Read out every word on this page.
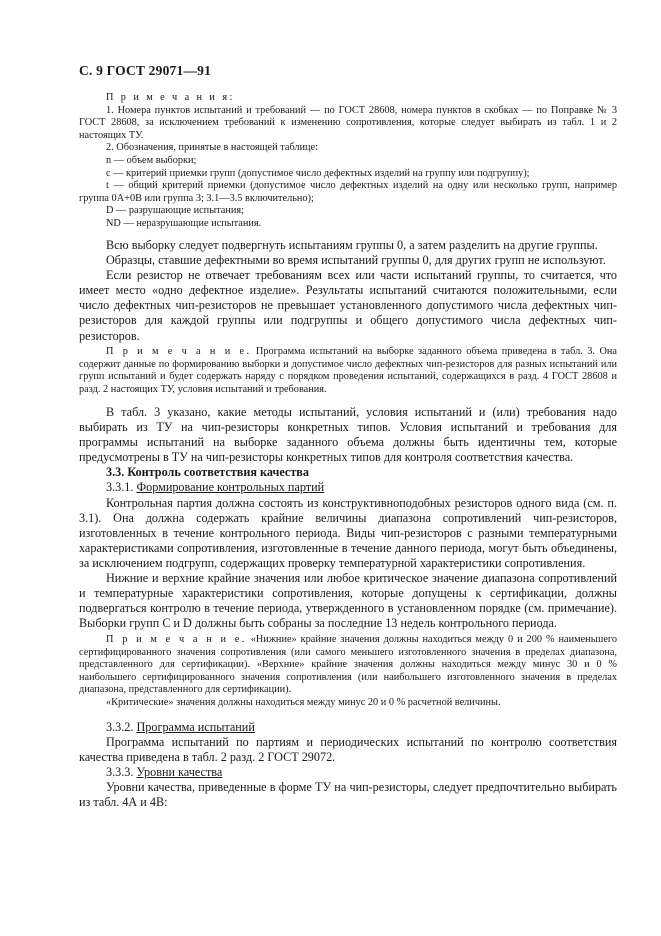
С. 9 ГОСТ 29071—91

П р и м е ч а н и я:

1. Номера пунктов испытаний и требований — по ГОСТ 28608, номера пунктов в скобках — по Поправке № 3 ГОСТ 28608, за исключением требований к изменению сопротивления, которые следует выбирать из табл. 1 и 2 настоящих ТУ.

2. Обозначения, принятые в настоящей таблице:

n — объем выборки;

c — критерий приемки групп (допустимое число дефектных изделий на группу или подгруппу);

t — общий критерий приемки (допустимое число дефектных изделий на одну или несколько групп, например группа 0А+0В или группа 3; 3.1—3.5 включительно);

D — разрушающие испытания;

ND — неразрушающие испытания.

Всю выборку следует подвергнуть испытаниям группы 0, а затем разделить на другие группы.

Образцы, ставшие дефектными во время испытаний группы 0, для других групп не используют.

Если резистор не отвечает требованиям всех или части испытаний группы, то считается, что имеет место «одно дефектное изделие». Результаты испытаний считаются положительными, если число дефектных чип-резисторов не превышает установленного допустимого числа дефектных чип-резисторов для каждой группы или подгруппы и общего допустимого числа дефектных чип-резисторов.

П р и м е ч а н и е. Программа испытаний на выборке заданного объема приведена в табл. 3. Она содержит данные по формированию выборки и допустимое число дефектных чип-резисторов для разных испытаний или групп испытаний и будет содержать наряду с порядком проведения испытаний, содержащихся в разд. 4 ГОСТ 28608 и разд. 2 настоящих ТУ, условия испытаний и требования.

В табл. 3 указано, какие методы испытаний, условия испытаний и (или) требования надо выбирать из ТУ на чип-резисторы конкретных типов. Условия испытаний и требования для программы испытаний на выборке заданного объема должны быть идентичны тем, которые предусмотрены в ТУ на чип-резисторы конкретных типов для контроля соответствия качества.

3.3. Контроль соответствия качества

3.3.1. Формирование контрольных партий

Контрольная партия должна состоять из конструктивноподобных резисторов одного вида (см. п. 3.1). Она должна содержать крайние величины диапазона сопротивлений чип-резисторов, изготовленных в течение контрольного периода. Виды чип-резисторов с разными температурными характеристиками сопротивления, изготовленные в течение данного периода, могут быть объединены, за исключением подгрупп, содержащих проверку температурной характеристики сопротивления.

Нижние и верхние крайние значения или любое критическое значение диапазона сопротивлений и температурные характеристики сопротивления, которые допущены к сертификации, должны подвергаться контролю в течение периода, утвержденного в установленном порядке (см. примечание). Выборки групп С и D должны быть собраны за последние 13 недель контрольного периода.

П р и м е ч а н и е. «Нижние» крайние значения должны находиться между 0 и 200 % наименьшего сертифицированного значения сопротивления (или самого меньшего изготовленного значения в пределах диапазона, представленного для сертификации). «Верхние» крайние значения должны находиться между минус 30 и 0 % наибольшего сертифицированного значения сопротивления (или наибольшего изготовленного значения в пределах диапазона, представленного для сертификации).

«Критические» значения должны находиться между минус 20 и 0 % расчетной величины.

3.3.2. Программа испытаний

Программа испытаний по партиям и периодических испытаний по контролю соответствия качества приведена в табл. 2 разд. 2 ГОСТ 29072.

3.3.3. Уровни качества

Уровни качества, приведенные в форме ТУ на чип-резисторы, следует предпочтительно выбирать из табл. 4А и 4В:
